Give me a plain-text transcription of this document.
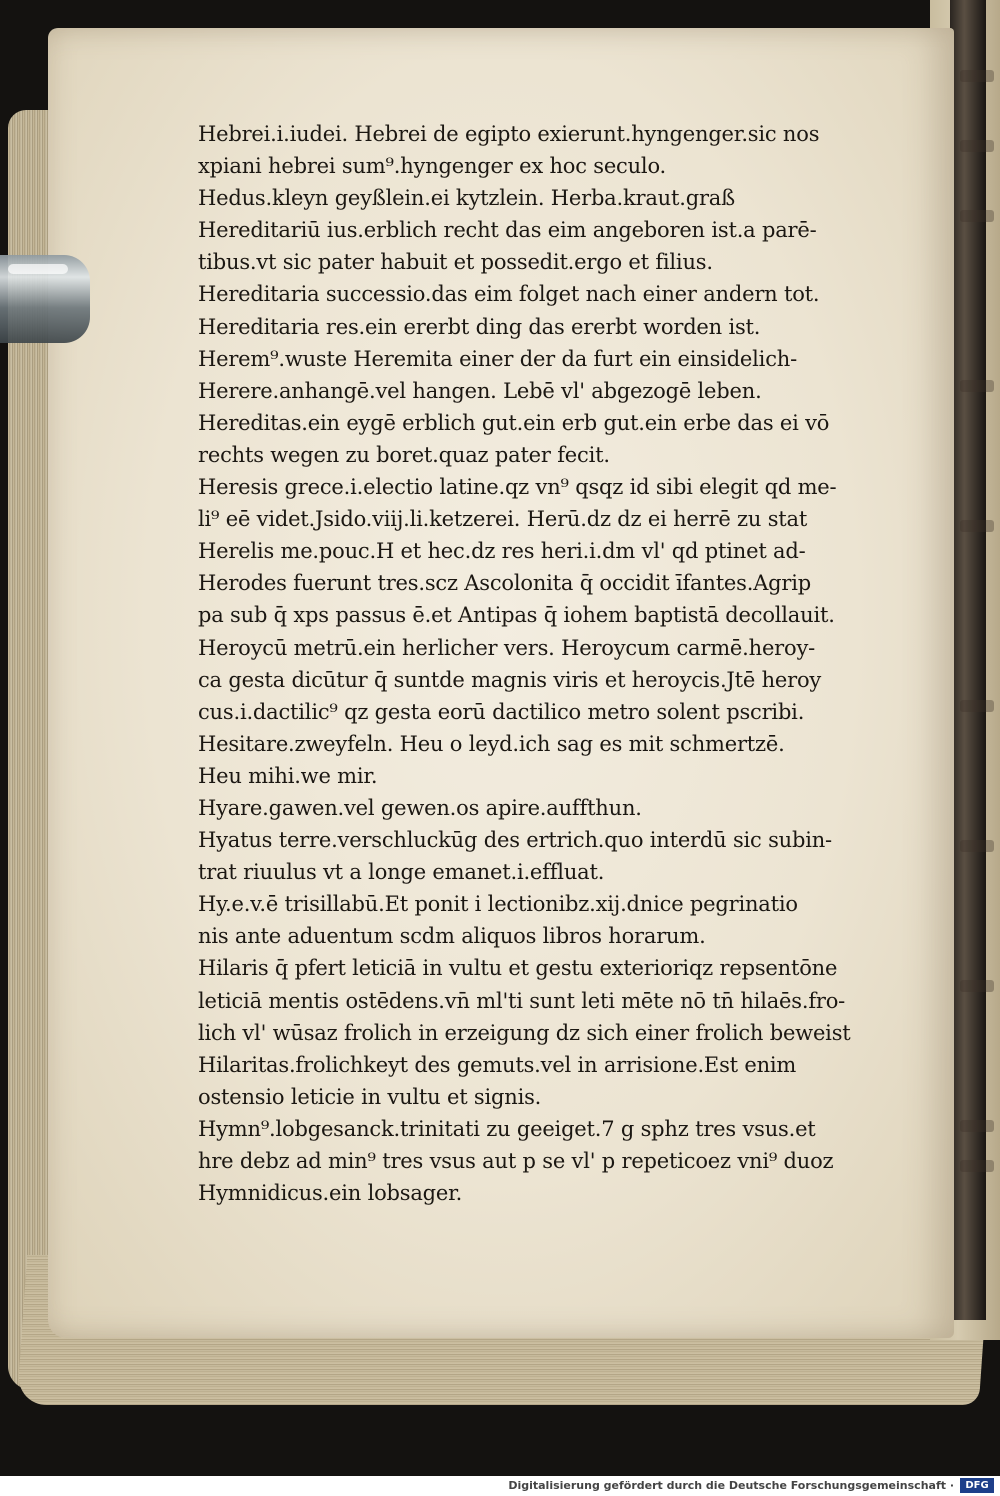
Hebrei.i.iudei. Hebrei de egipto exierunt.hyngenger.sic nos
xpiani hebrei sum⁹.hyngenger ex hoc seculo.
Hedus.kleyn geyßlein.ei kytzlein. Herba.kraut.graß
Hereditariū ius.erblich recht das eim angeboren ist.a parē-
tibus.vt sic pater habuit et possedit.ergo et filius.
Hereditaria successio.das eim folget nach einer andern tot.
Hereditaria res.ein ererbt ding das ererbt worden ist.
Herem⁹.wuste Heremita einer der da furt ein einsidelich-
Herere.anhangē.vel hangen. Lebē vl' abgezogē leben.
Hereditas.ein eygē erblich gut.ein erb gut.ein erbe das ei vō
rechts wegen zu boret.quaz pater fecit.
Heresis grece.i.electio latine.qz vn⁹ qsqz id sibi elegit qd me-
li⁹ eē videt.Jsido.viij.li.ketzerei. Herū.dz dz ei herrē zu stat
Herelis me.pouc.H et hec.dz res heri.i.dm vl' qd ptinet ad-
Herodes fuerunt tres.scz Ascolonita q̄ occidit īfantes.Agrip
pa sub q̄ xps passus ē.et Antipas q̄ iohem baptistā decollauit.
Heroycū metrū.ein herlicher vers. Heroycum carmē.heroy-
ca gesta dicūtur q̄ suntde magnis viris et heroycis.Jtē heroy
cus.i.dactilic⁹ qz gesta eorū dactilico metro solent pscribi.
Hesitare.zweyfeln. Heu o leyd.ich sag es mit schmertzē.
Heu mihi.we mir.
Hyare.gawen.vel gewen.os apire.auffthun.
Hyatus terre.verschluckūg des ertrich.quo interdū sic subin-
trat riuulus vt a longe emanet.i.effluat.
Hy.e.v.ē trisillabū.Et ponit i lectionibz.xij.dnice pegrinatio
nis ante aduentum scdm aliquos libros horarum.
Hilaris q̄ pfert leticiā in vultu et gestu exterioriqz repsentōne
leticiā mentis ostēdens.vn̄ ml'ti sunt leti mēte nō tn̄ hilaēs.fro-
lich vl' wūsaz frolich in erzeigung dz sich einer frolich beweist
Hilaritas.frolichkeyt des gemuts.vel in arrisione.Est enim
ostensio leticie in vultu et signis.
Hymn⁹.lobgesanck.trinitati zu geeiget.7 g sphz tres vsus.et
hre debz ad min⁹ tres vsus aut p se vl' p repeticoez vni⁹ duoz
Hymnidicus.ein lobsager.
Digitalisierung gefördert durch die Deutsche Forschungsgemeinschaft ·	DFG
